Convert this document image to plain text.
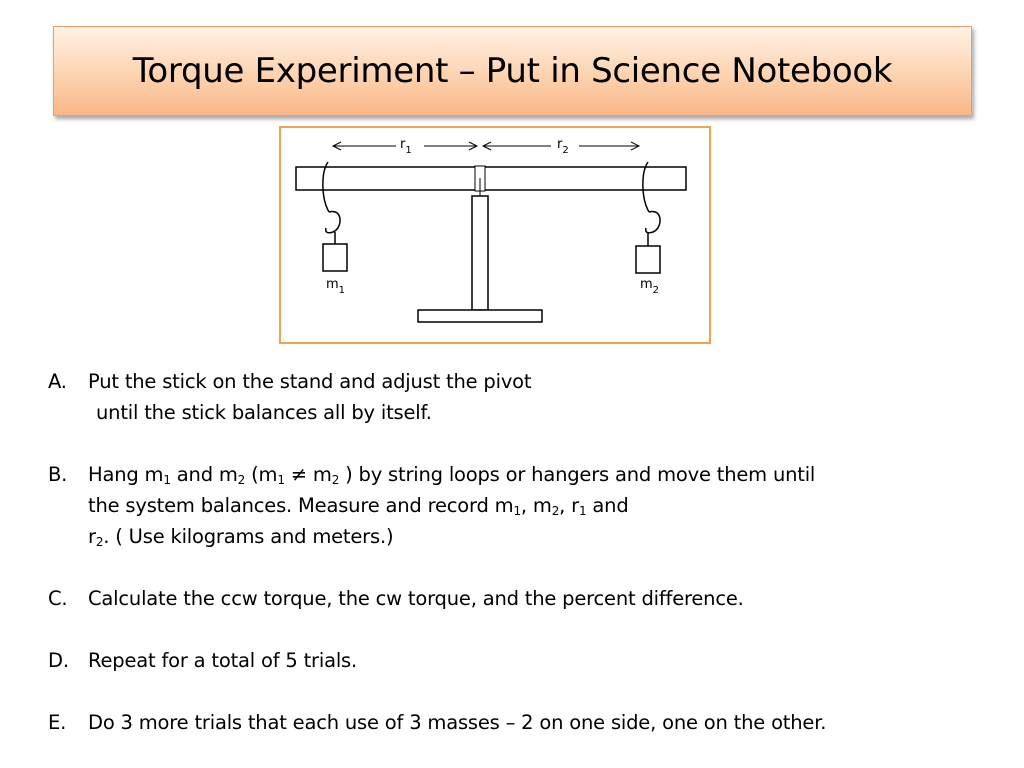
Torque Experiment – Put in Science Notebook
$r_1$	$r_2$
$m_1$	$m_2$
A.	Put the stick on the stand and adjust the pivot
until the stick balances all by itself.
B.	Hang $m_1$ and $m_2$ ($m_1 \ne m_2$ ) by string loops or hangers and move them until
the system balances. Measure and record $m_1$, $m_2$, $r_1$ and
$r_2$. ( Use kilograms and meters.)
C.	Calculate the ccw torque, the cw torque, and the percent difference.
D. Repeat for a total of 5 trials.
E.	Do 3 more trials that each use of 3 masses – 2 on one side, one on the other.
